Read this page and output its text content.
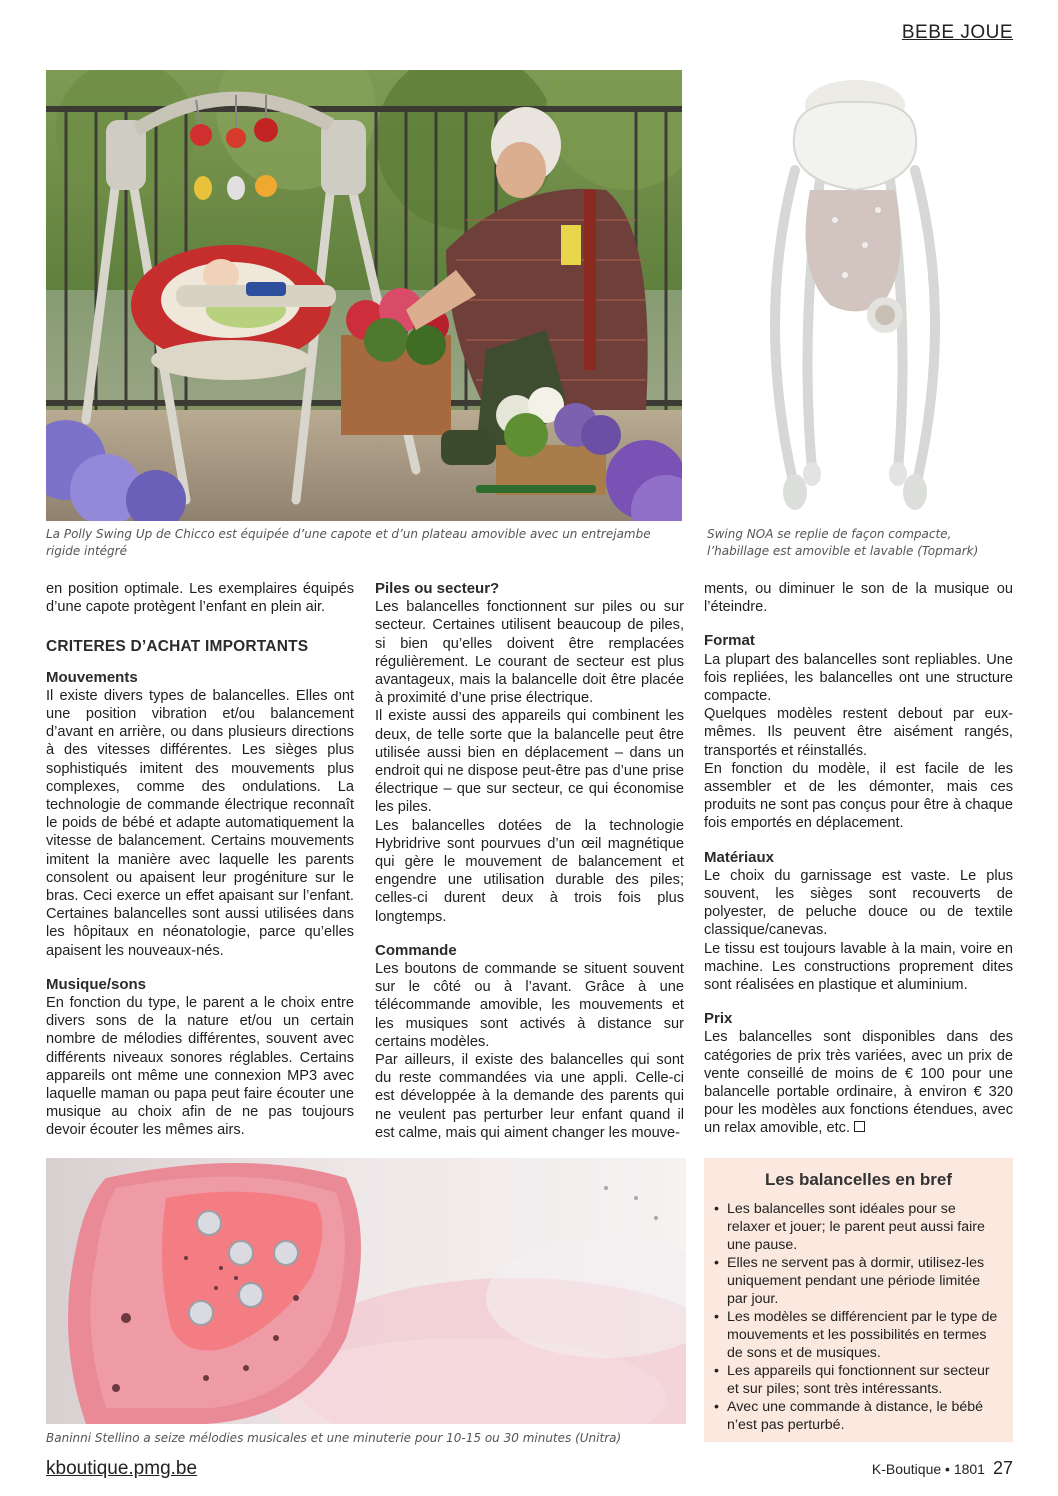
BEBE JOUE
La Polly Swing Up de Chicco est équipée d’une capote et d’un plateau amovible avec un entrejambe rigide intégré
Swing NOA se replie de façon compacte,
l’habillage est amovible et lavable (Topmark)

en position optimale. Les exemplaires équipés d’une capote protègent l’enfant en plein air.

CRITERES D’ACHAT IMPORTANTS
Mouvements

Il existe divers types de balancelles. Elles ont une position vibration et/ou balancement d’avant en arrière, ou dans plusieurs directions à des vitesses différentes. Les sièges plus sophistiqués imitent des mouvements plus complexes, comme des ondulations. La technologie de commande électrique reconnaît le poids de bébé et adapte automatiquement la vitesse de balancement. Certains mouvements imitent la manière avec laquelle les parents consolent ou apaisent leur progéniture sur le bras. Ceci exerce un effet apaisant sur l’enfant. Certaines balancelles sont aussi utilisées dans les hôpitaux en néonatologie, parce qu’elles apaisent les nouveaux-nés.

Musique/sons

En fonction du type, le parent a le choix entre divers sons de la nature et/ou un certain nombre de mélodies différentes, souvent avec différents niveaux sonores réglables. Certains appareils ont même une connexion MP3 avec laquelle maman ou papa peut faire écouter une musique au choix afin de ne pas toujours devoir écouter les mêmes airs.

Piles ou secteur?

Les balancelles fonctionnent sur piles ou sur secteur. Certaines utilisent beaucoup de piles, si bien qu’elles doivent être remplacées régulièrement. Le courant de secteur est plus avantageux, mais la balancelle doit être placée à proximité d’une prise électrique.

Il existe aussi des appareils qui combinent les deux, de telle sorte que la balancelle peut être utilisée aussi bien en déplacement – dans un endroit qui ne dispose peut-être pas d’une prise électrique – que sur secteur, ce qui économise les piles.

Les balancelles dotées de la technologie Hybridrive sont pourvues d’un œil magnétique qui gère le mouvement de balancement et engendre une utilisation durable des piles; celles-ci durent deux à trois fois plus longtemps.

Commande

Les boutons de commande se situent souvent sur le côté ou à l’avant. Grâce à une télécommande amovible, les mouvements et les musiques sont activés à distance sur certains modèles.

Par ailleurs, il existe des balancelles qui sont du reste commandées via une appli. Celle-ci est développée à la demande des parents qui ne veulent pas perturber leur enfant quand il est calme, mais qui aiment changer les mouve-

ments, ou diminuer le son de la musique ou l’éteindre.

Format

La plupart des balancelles sont repliables. Une fois repliées, les balancelles ont une structure compacte.

Quelques modèles restent debout par eux-mêmes. Ils peuvent être aisément rangés, transportés et réinstallés.

En fonction du modèle, il est facile de les assembler et de les démonter, mais ces produits ne sont pas conçus pour être à chaque fois emportés en déplacement.

Matériaux

Le choix du garnissage est vaste. Le plus souvent, les sièges sont recouverts de polyester, de peluche douce ou de textile classique/canevas.

Le tissu est toujours lavable à la main, voire en machine. Les constructions proprement dites sont réalisées en plastique et aluminium.

Prix

Les balancelles sont disponibles dans des catégories de prix très variées, avec un prix de vente conseillé de moins de € 100 pour une balancelle portable ordinaire, à environ € 320 pour les modèles aux fonctions étendues, avec un relax amovible, etc.

Baninni Stellino a seize mélodies musicales et une minuterie pour 10-15 ou 30 minutes (Unitra)
Les balancelles en bref
• Les balancelles sont idéales pour se relaxer et jouer; le parent peut aussi faire une pause.
• Elles ne servent pas à dormir, utilisez-les uniquement pendant une période limitée par jour.
• Les modèles se différencient par le type de mouvements et les possibilités en termes de sons et de musiques.
• Les appareils qui fonctionnent sur secteur et sur piles; sont très intéressants.
• Avec une commande à distance, le bébé n’est pas perturbé.
kboutique.pmg.be	K-Boutique • 1801 27
